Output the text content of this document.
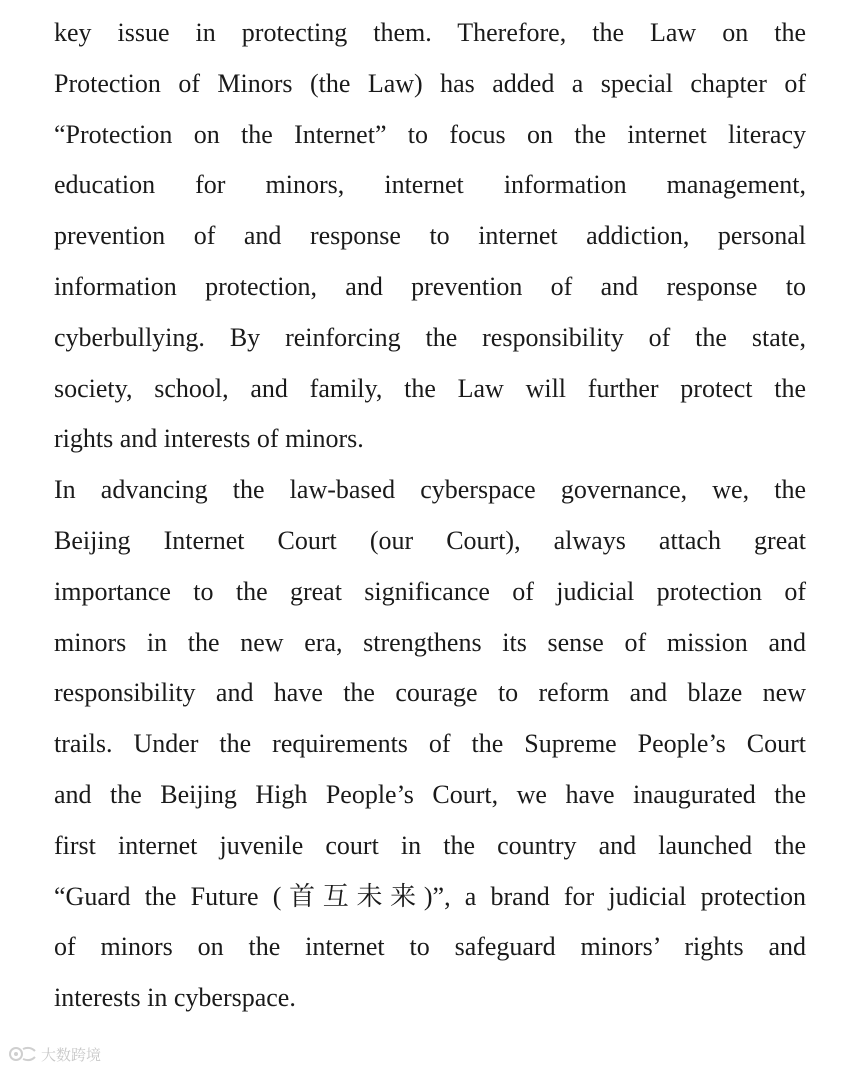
key issue in protecting them. Therefore, the Law on the
Protection of Minors (the Law) has added a special chapter of
“Protection on the Internet” to focus on the internet literacy
education for minors, internet information management,
prevention of and response to internet addiction, personal
information protection, and prevention of and response to
cyberbullying. By reinforcing the responsibility of the state,
society, school, and family, the Law will further protect the
rights and interests of minors.
In advancing the law-based cyberspace governance, we, the
Beijing Internet Court (our Court), always attach great
importance to the great significance of judicial protection of
minors in the new era, strengthens its sense of mission and
responsibility and have the courage to reform and blaze new
trails. Under the requirements of the Supreme People’s Court
and the Beijing High People’s Court, we have inaugurated the
first internet juvenile court in the country and launched the
“Guard the Future (首互未来)”, a brand for judicial protection
of minors on the internet to safeguard minors’ rights and
interests in cyberspace.
大数跨境
